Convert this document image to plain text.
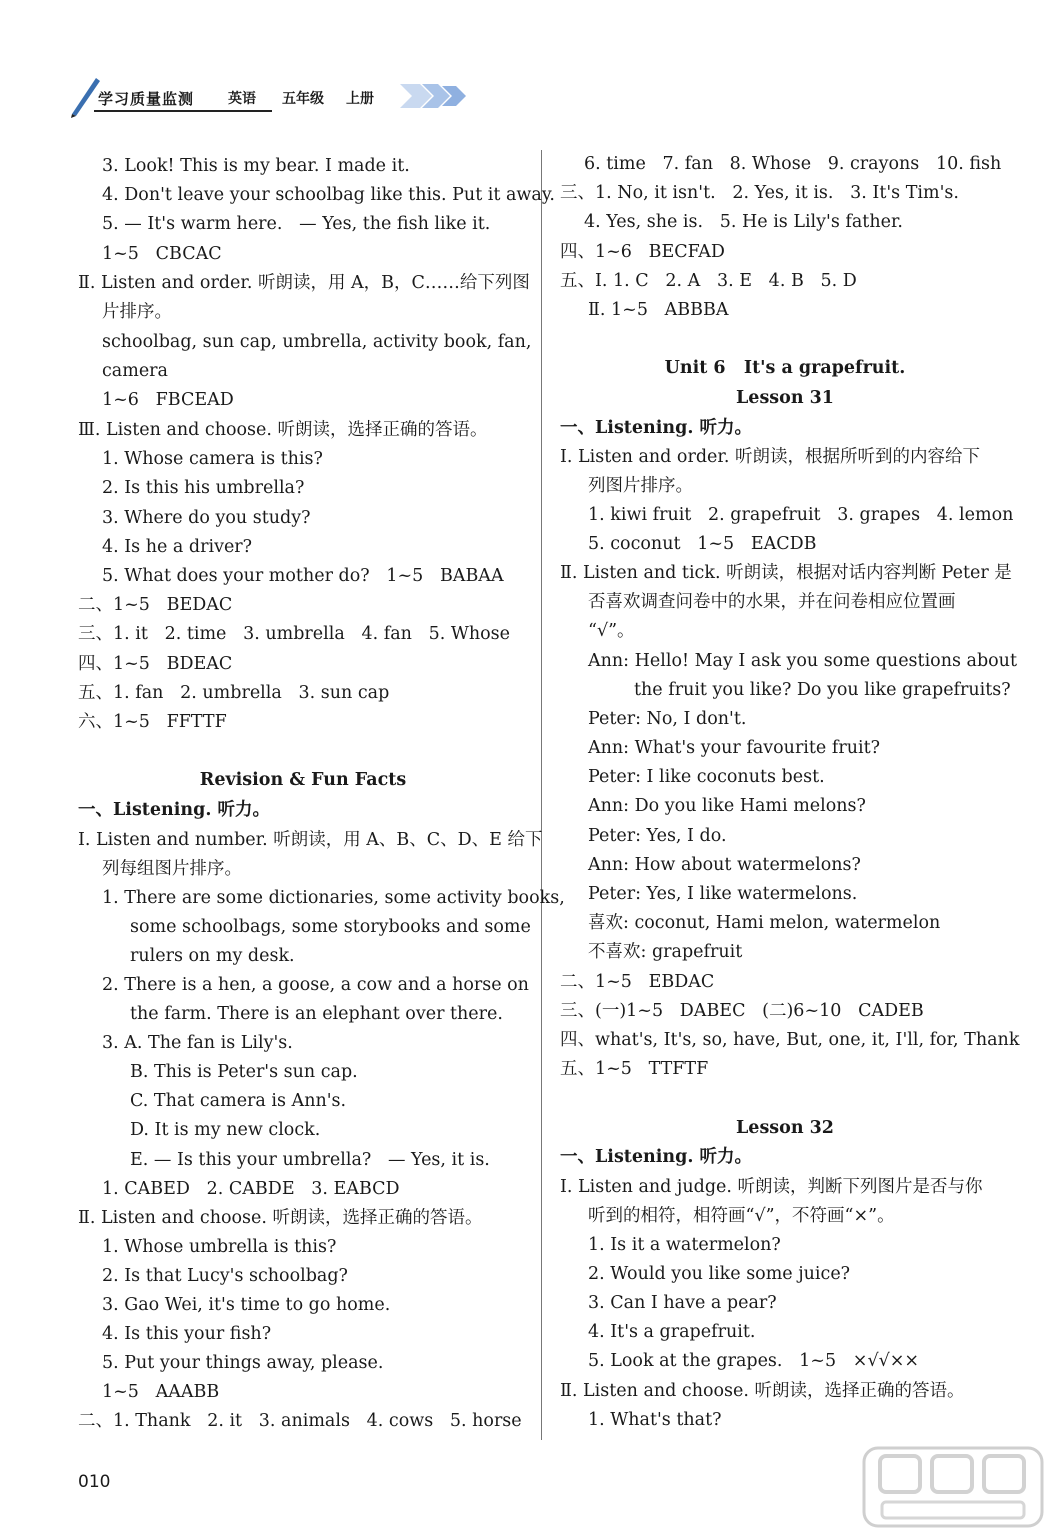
学习质量监测 英语 五年级 上册
3. Look! This is my bear. I made it.
4. Don't leave your schoolbag like this. Put it away.
5. — It's warm here.   — Yes, the fish like it.
1~5   CBCAC
Ⅱ. Listen and order. 听朗读，用 A，B，C……给下列图
片排序。
schoolbag, sun cap, umbrella, activity book, fan,
camera
1~6   FBCEAD
Ⅲ. Listen and choose. 听朗读，选择正确的答语。
1. Whose camera is this?
2. Is this his umbrella?
3. Where do you study?
4. Is he a driver?
5. What does your mother do?   1~5   BABAA
二、1~5   BEDAC
三、1. it   2. time   3. umbrella   4. fan   5. Whose
四、1~5   BDEAC
五、1. fan   2. umbrella   3. sun cap
六、1~5   FFTTF
Revision & Fun Facts
一、Listening. 听力。
Ⅰ. Listen and number. 听朗读，用 A、B、C、D、E 给下
列每组图片排序。
1. There are some dictionaries, some activity books,
some schoolbags, some storybooks and some
rulers on my desk.
2. There is a hen, a goose, a cow and a horse on
the farm. There is an elephant over there.
3. A. The fan is Lily's.
B. This is Peter's sun cap.
C. That camera is Ann's.
D. It is my new clock.
E. — Is this your umbrella?   — Yes, it is.
1. CABED   2. CABDE   3. EABCD
Ⅱ. Listen and choose. 听朗读，选择正确的答语。
1. Whose umbrella is this?
2. Is that Lucy's schoolbag?
3. Gao Wei, it's time to go home.
4. Is this your fish?
5. Put your things away, please.
1~5   AAABB
二、1. Thank   2. it   3. animals   4. cows   5. horse
6. time   7. fan   8. Whose   9. crayons   10. fish
三、1. No, it isn't.   2. Yes, it is.   3. It's Tim's.
4. Yes, she is.   5. He is Lily's father.
四、1~6   BECFAD
五、Ⅰ. 1. C   2. A   3. E   4. B   5. D
Ⅱ. 1~5   ABBBA
Unit 6   It's a grapefruit.
Lesson 31
一、Listening. 听力。
Ⅰ. Listen and order. 听朗读，根据所听到的内容给下
列图片排序。
1. kiwi fruit   2. grapefruit   3. grapes   4. lemon
5. coconut   1~5   EACDB
Ⅱ. Listen and tick. 听朗读，根据对话内容判断 Peter 是
否喜欢调查问卷中的水果，并在问卷相应位置画
“√”。
Ann: Hello! May I ask you some questions about
the fruit you like? Do you like grapefruits?
Peter: No, I don't.
Ann: What's your favourite fruit?
Peter: I like coconuts best.
Ann: Do you like Hami melons?
Peter: Yes, I do.
Ann: How about watermelons?
Peter: Yes, I like watermelons.
喜欢: coconut, Hami melon, watermelon
不喜欢: grapefruit
二、1~5   EBDAC
三、(一)1~5   DABEC   (二)6~10   CADEB
四、what's, It's, so, have, But, one, it, I'll, for, Thank
五、1~5   TTFTF
Lesson 32
一、Listening. 听力。
Ⅰ. Listen and judge. 听朗读，判断下列图片是否与你
听到的相符，相符画“√”，不符画“×”。
1. Is it a watermelon?
2. Would you like some juice?
3. Can I have a pear?
4. It's a grapefruit.
5. Look at the grapes.   1~5   ×√√××
Ⅱ. Listen and choose. 听朗读，选择正确的答语。
1. What's that?
010
